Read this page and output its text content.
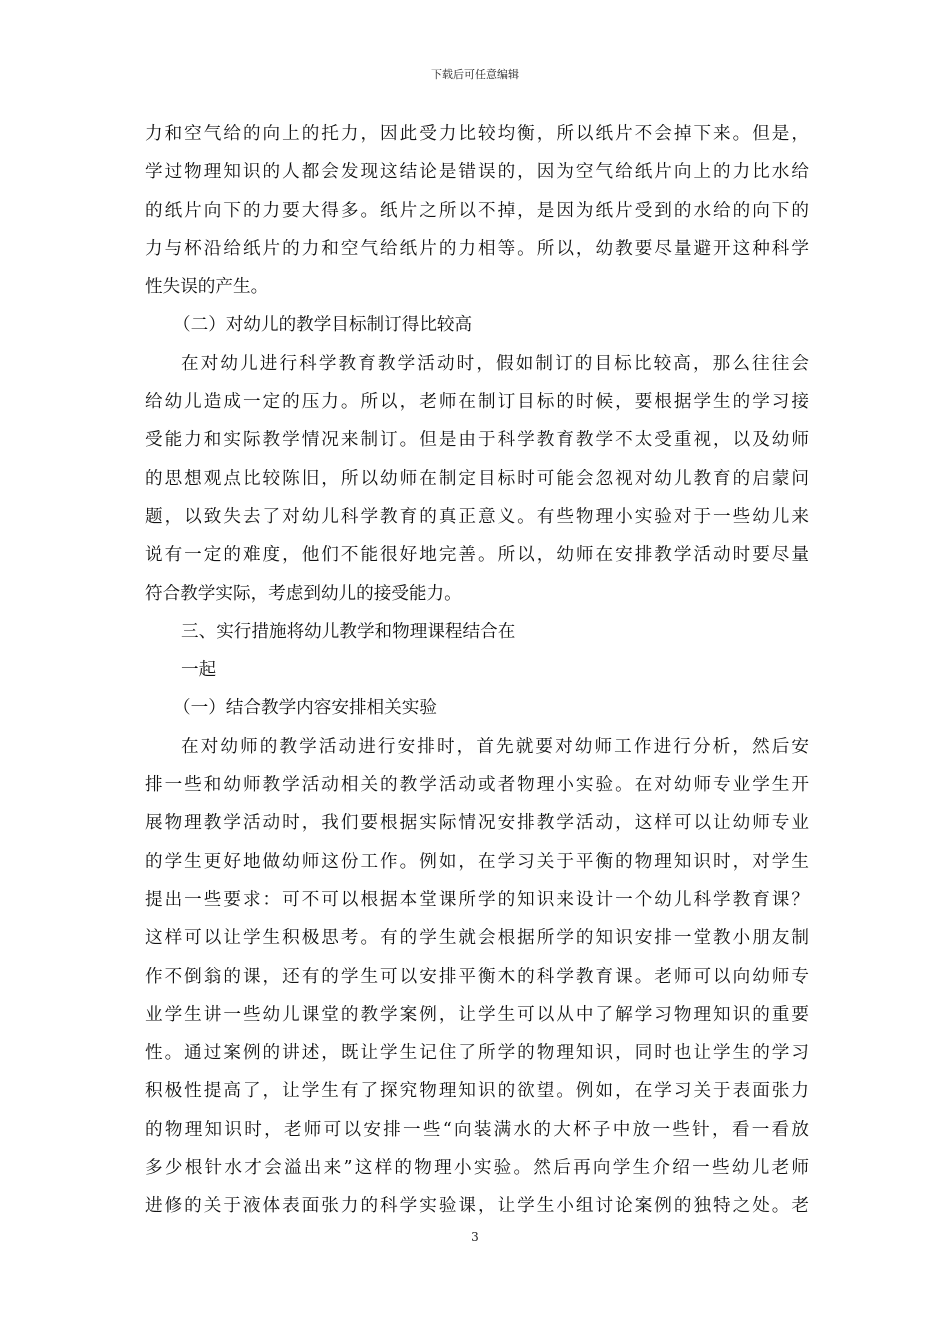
下载后可任意编辑
力和空气给的向上的托力，因此受力比较均衡，所以纸片不会掉下来。但是，
学过物理知识的人都会发现这结论是错误的，因为空气给纸片向上的力比水给
的纸片向下的力要大得多。纸片之所以不掉，是因为纸片受到的水给的向下的
力与杯沿给纸片的力和空气给纸片的力相等。所以，幼教要尽量避开这种科学
性失误的产生。
（二）对幼儿的教学目标制订得比较高
在对幼儿进行科学教育教学活动时，假如制订的目标比较高，那么往往会
给幼儿造成一定的压力。所以，老师在制订目标的时候，要根据学生的学习接
受能力和实际教学情况来制订。但是由于科学教育教学不太受重视，以及幼师
的思想观点比较陈旧，所以幼师在制定目标时可能会忽视对幼儿教育的启蒙问
题，以致失去了对幼儿科学教育的真正意义。有些物理小实验对于一些幼儿来
说有一定的难度，他们不能很好地完善。所以，幼师在安排教学活动时要尽量
符合教学实际，考虑到幼儿的接受能力。
三、实行措施将幼儿教学和物理课程结合在
一起
（一）结合教学内容安排相关实验
在对幼师的教学活动进行安排时，首先就要对幼师工作进行分析，然后安
排一些和幼师教学活动相关的教学活动或者物理小实验。在对幼师专业学生开
展物理教学活动时，我们要根据实际情况安排教学活动，这样可以让幼师专业
的学生更好地做幼师这份工作。例如，在学习关于平衡的物理知识时，对学生
提出一些要求：可不可以根据本堂课所学的知识来设计一个幼儿科学教育课？
这样可以让学生积极思考。有的学生就会根据所学的知识安排一堂教小朋友制
作不倒翁的课，还有的学生可以安排平衡木的科学教育课。老师可以向幼师专
业学生讲一些幼儿课堂的教学案例，让学生可以从中了解学习物理知识的重要
性。通过案例的讲述，既让学生记住了所学的物理知识，同时也让学生的学习
积极性提高了，让学生有了探究物理知识的欲望。例如，在学习关于表面张力
的物理知识时，老师可以安排一些“向装满水的大杯子中放一些针，看一看放
多少根针水才会溢出来”这样的物理小实验。然后再向学生介绍一些幼儿老师
进修的关于液体表面张力的科学实验课，让学生小组讨论案例的独特之处。老
3
